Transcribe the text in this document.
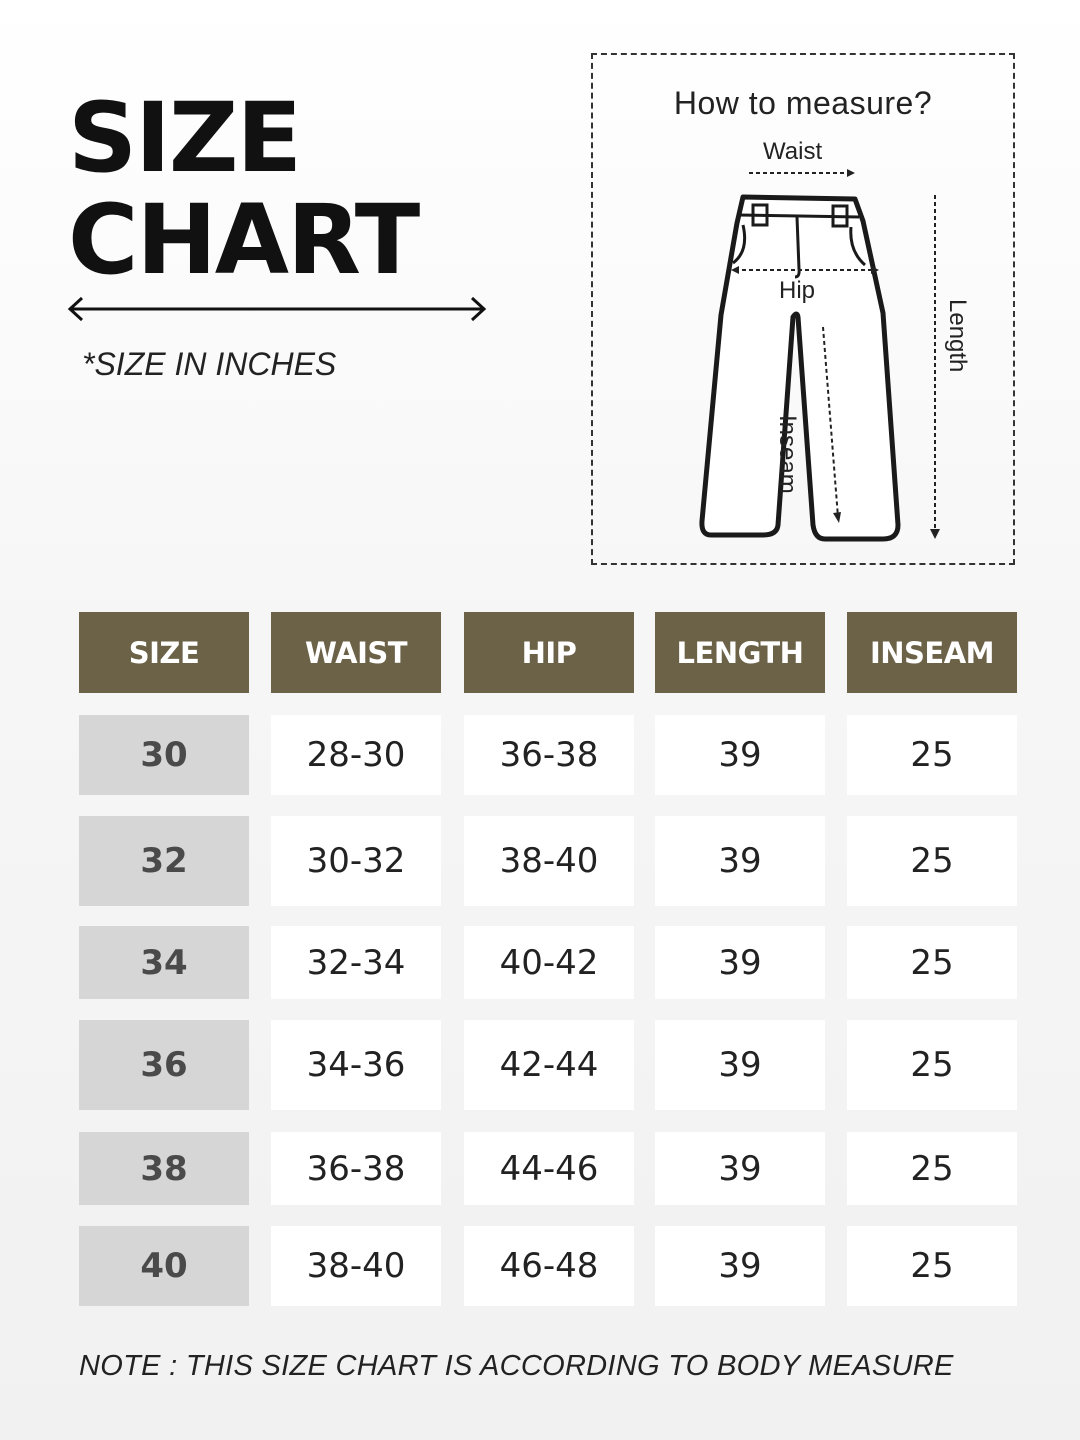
SIZE
CHART
*SIZE IN INCHES
How to measure?
Waist
Hip
Inseam
Length
SIZE	WAIST	HIP	LENGTH	INSEAM
30	28-30	36-38	39	25
32	30-32	38-40	39	25
34	32-34	40-42	39	25
36	34-36	42-44	39	25
38	36-38	44-46	39	25
40	38-40	46-48	39	25
NOTE : THIS SIZE CHART IS ACCORDING TO BODY MEASURE
